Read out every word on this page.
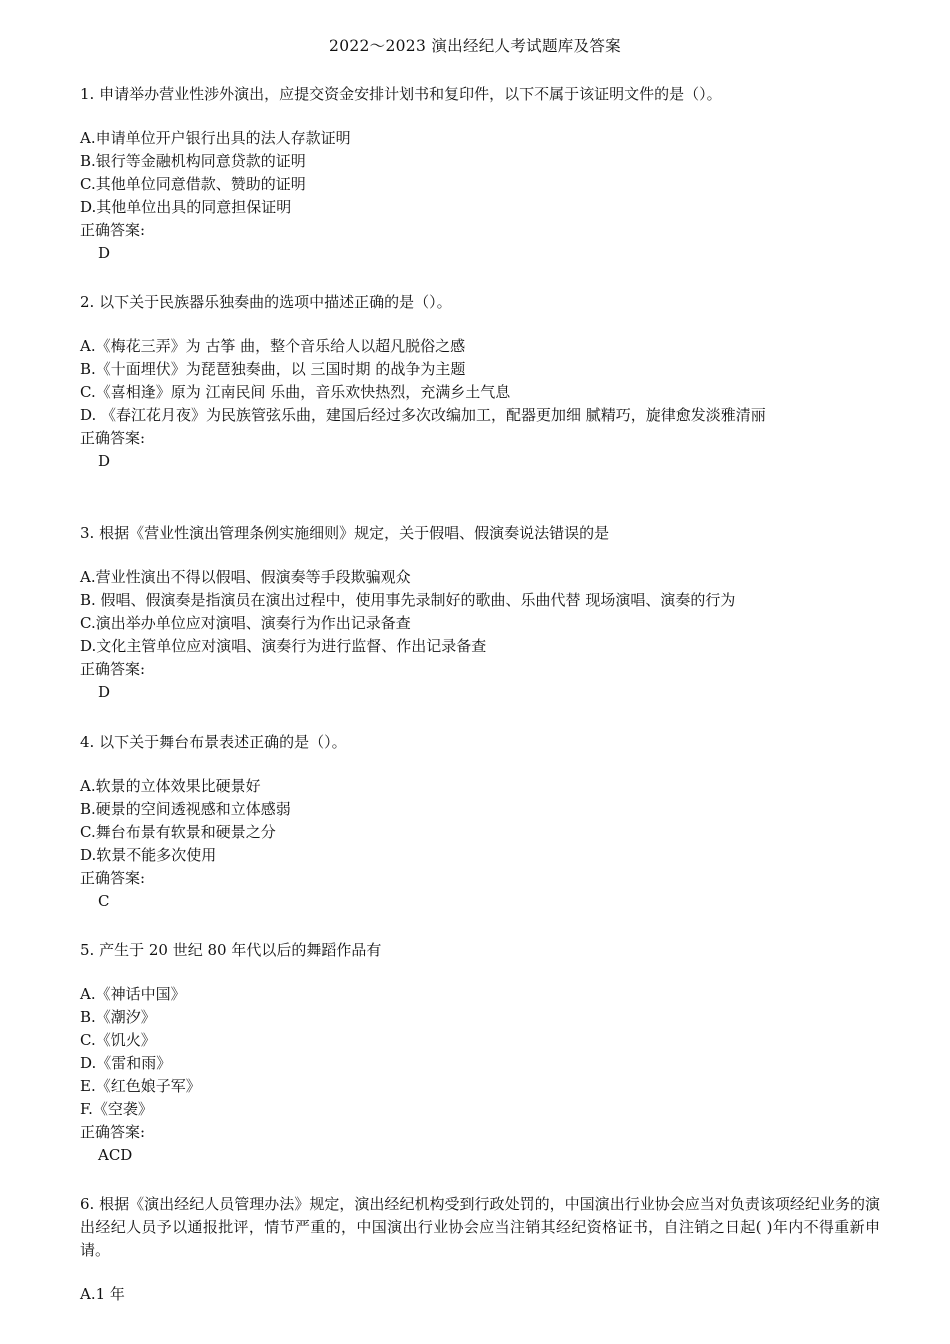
2022～2023 演出经纪人考试题库及答案
1. 申请举办营业性涉外演出，应提交资金安排计划书和复印件，以下不属于该证明文件的是（）。
A.申请单位开户银行出具的法人存款证明
B.银行等金融机构同意贷款的证明
C.其他单位同意借款、赞助的证明
D.其他单位出具的同意担保证明
正确答案:
D
2. 以下关于民族器乐独奏曲的选项中描述正确的是（）。
A.《梅花三弄》为 古筝 曲，整个音乐给人以超凡脱俗之感
B.《十面埋伏》为琵琶独奏曲，以 三国时期 的战争为主题
C.《喜相逢》原为 江南民间 乐曲，音乐欢快热烈，充满乡土气息
D. 《春江花月夜》为民族管弦乐曲，建国后经过多次改编加工，配器更加细 腻精巧，旋律愈发淡雅清丽
正确答案:
D
3. 根据《营业性演出管理条例实施细则》规定，关于假唱、假演奏说法错误的是
A.营业性演出不得以假唱、假演奏等手段欺骗观众
B. 假唱、假演奏是指演员在演出过程中，使用事先录制好的歌曲、乐曲代替 现场演唱、演奏的行为
C.演出举办单位应对演唱、演奏行为作出记录备查
D.文化主管单位应对演唱、演奏行为进行监督、作出记录备查
正确答案:
D
4. 以下关于舞台布景表述正确的是（）。
A.软景的立体效果比硬景好
B.硬景的空间透视感和立体感弱
C.舞台布景有软景和硬景之分
D.软景不能多次使用
正确答案:
C
5. 产生于 20 世纪 80 年代以后的舞蹈作品有
A.《神话中国》
B.《潮汐》
C.《饥火》
D.《雷和雨》
E.《红色娘子军》
F.《空袭》
正确答案:
ACD
6. 根据《演出经纪人员管理办法》规定，演出经纪机构受到行政处罚的，中国演出行业协会应当对负责该项经纪业务的演出经纪人员予以通报批评，情节严重的，中国演出行业协会应当注销其经纪资格证书，自注销之日起( )年内不得重新申请。
A.1 年
